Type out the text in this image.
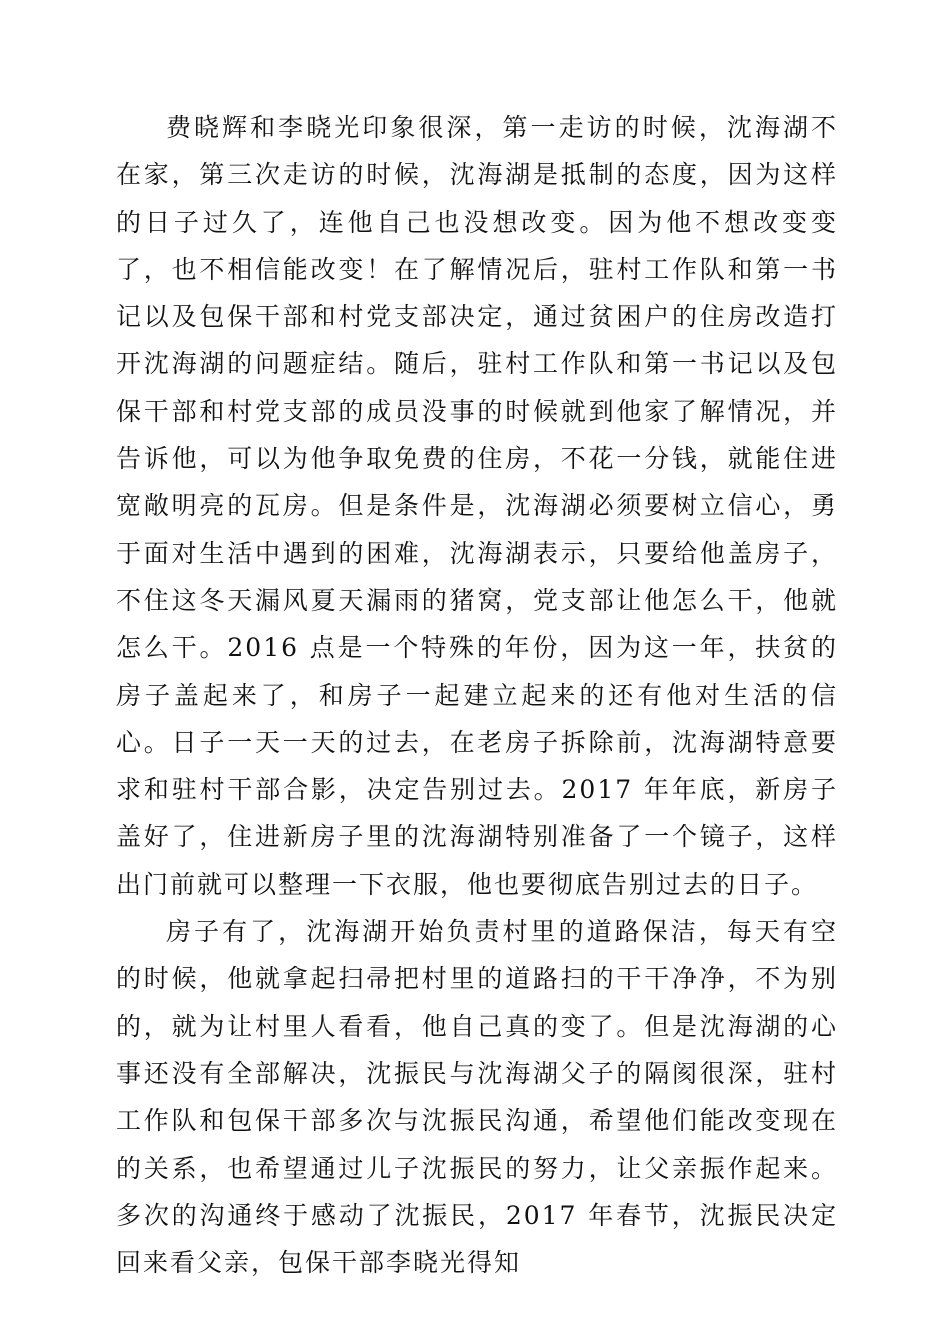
费晓辉和李晓光印象很深，第一走访的时候，沈海湖不在家，第三次走访的时候，沈海湖是抵制的态度，因为这样的日子过久了，连他自己也没想改变。因为他不想改变变了，也不相信能改变！在了解情况后，驻村工作队和第一书记以及包保干部和村党支部决定，通过贫困户的住房改造打开沈海湖的问题症结。随后，驻村工作队和第一书记以及包保干部和村党支部的成员没事的时候就到他家了解情况，并告诉他，可以为他争取免费的住房，不花一分钱，就能住进宽敞明亮的瓦房。但是条件是，沈海湖必须要树立信心，勇于面对生活中遇到的困难，沈海湖表示，只要给他盖房子，不住这冬天漏风夏天漏雨的猪窝，党支部让他怎么干，他就怎么干。2016 点是一个特殊的年份，因为这一年，扶贫的房子盖起来了，和房子一起建立起来的还有他对生活的信心。日子一天一天的过去，在老房子拆除前，沈海湖特意要求和驻村干部合影，决定告别过去。2017 年年底，新房子盖好了，住进新房子里的沈海湖特别准备了一个镜子，这样出门前就可以整理一下衣服，他也要彻底告别过去的日子。

房子有了，沈海湖开始负责村里的道路保洁，每天有空的时候，他就拿起扫帚把村里的道路扫的干干净净，不为别的，就为让村里人看看，他自己真的变了。但是沈海湖的心事还没有全部解决，沈振民与沈海湖父子的隔阂很深，驻村工作队和包保干部多次与沈振民沟通，希望他们能改变现在的关系，也希望通过儿子沈振民的努力，让父亲振作起来。多次的沟通终于感动了沈振民，2017 年春节，沈振民决定回来看父亲，包保干部李晓光得知
